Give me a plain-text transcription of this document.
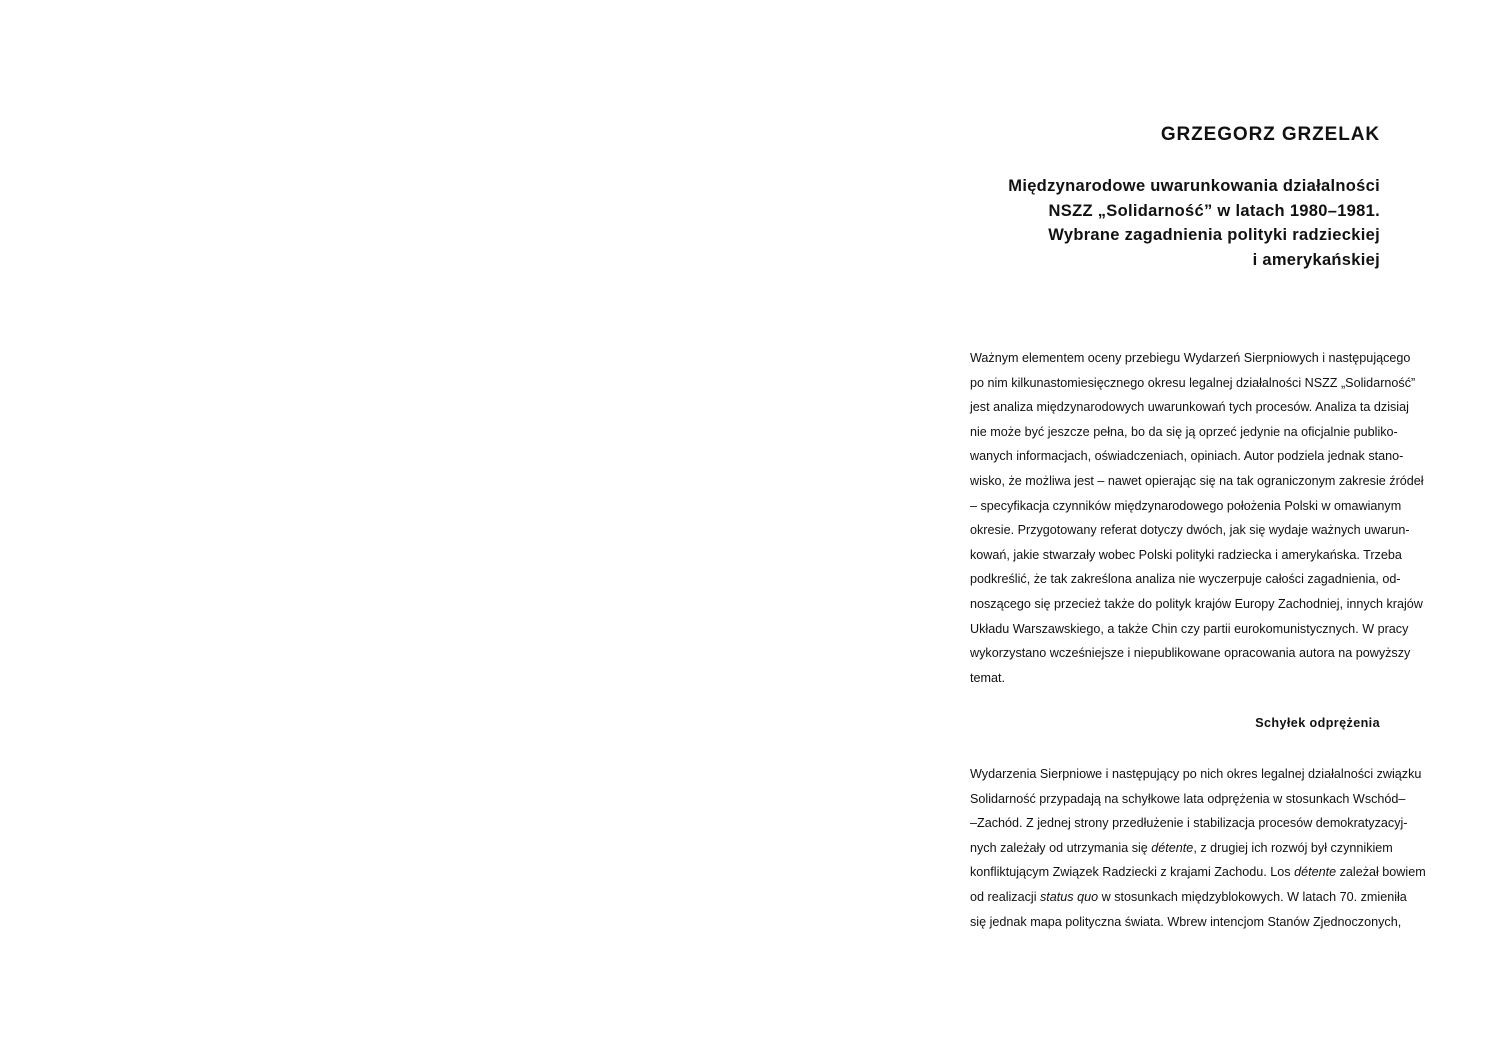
GRZEGORZ GRZELAK
Międzynarodowe uwarunkowania działalności
NSZZ „Solidarność” w latach 1980–1981.
Wybrane zagadnienia polityki radzieckiej
i amerykańskiej

Ważnym elementem oceny przebiegu Wydarzeń Sierpniowych i następującego
po nim kilkunastomiesięcznego okresu legalnej działalności NSZZ „Solidarność”
jest analiza międzynarodowych uwarunkowań tych procesów. Analiza ta dzisiaj
nie może być jeszcze pełna, bo da się ją oprzeć jedynie na oficjalnie publiko-
wanych informacjach, oświadczeniach, opiniach. Autor podziela jednak stano-
wisko, że możliwa jest – nawet opierając się na tak ograniczonym zakresie źródeł
– specyfikacja czynników międzynarodowego położenia Polski w omawianym
okresie. Przygotowany referat dotyczy dwóch, jak się wydaje ważnych uwarun-
kowań, jakie stwarzały wobec Polski polityki radziecka i amerykańska. Trzeba
podkreślić, że tak zakreślona analiza nie wyczerpuje całości zagadnienia, od-
noszącego się przecież także do polityk krajów Europy Zachodniej, innych krajów
Układu Warszawskiego, a także Chin czy partii eurokomunistycznych. W pracy
wykorzystano wcześniejsze i niepublikowane opracowania autora na powyższy
temat.

Schyłek odprężenia

Wydarzenia Sierpniowe i następujący po nich okres legalnej działalności związku
Solidarność przypadają na schyłkowe lata odprężenia w stosunkach Wschód–
–Zachód. Z jednej strony przedłużenie i stabilizacja procesów demokratyzacyj-
nych zależały od utrzymania się détente, z drugiej ich rozwój był czynnikiem
konfliktującym Związek Radziecki z krajami Zachodu. Los détente zależał bowiem
od realizacji status quo w stosunkach międzyblokowych. W latach 70. zmieniła
się jednak mapa polityczna świata. Wbrew intencjom Stanów Zjednoczonych,
